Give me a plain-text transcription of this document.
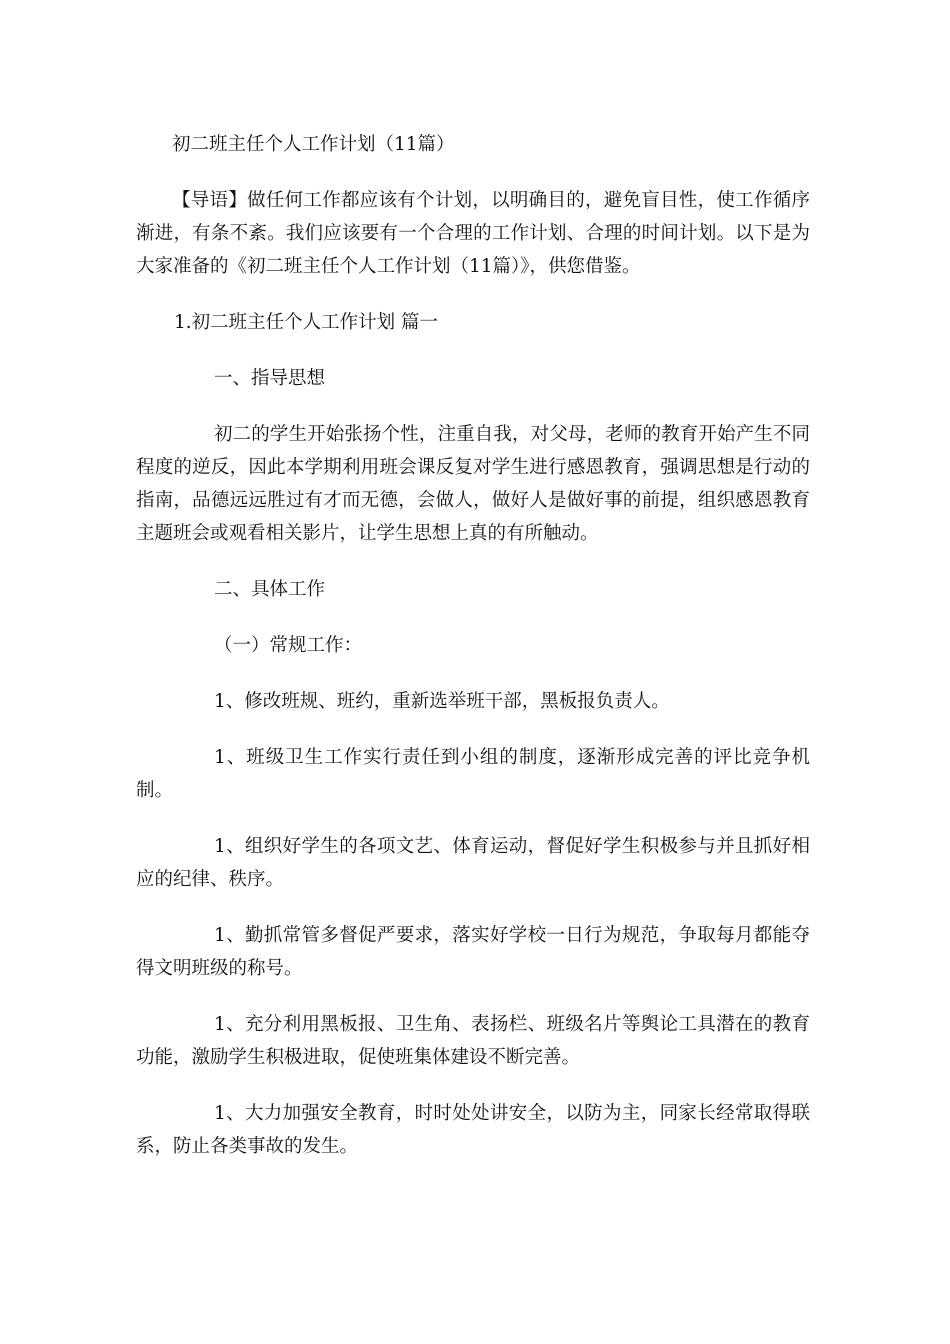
初二班主任个人工作计划（11篇）

【导语】做任何工作都应该有个计划，以明确目的，避免盲目性，使工作循序渐进，有条不紊。我们应该要有一个合理的工作计划、合理的时间计划。以下是为大家准备的《初二班主任个人工作计划（11篇）》，供您借鉴。

1.初二班主任个人工作计划 篇一

一、指导思想

初二的学生开始张扬个性，注重自我，对父母，老师的教育开始产生不同程度的逆反，因此本学期利用班会课反复对学生进行感恩教育，强调思想是行动的指南，品德远远胜过有才而无德，会做人，做好人是做好事的前提，组织感恩教育主题班会或观看相关影片，让学生思想上真的有所触动。

二、具体工作

（一）常规工作：

1、修改班规、班约，重新选举班干部，黑板报负责人。

1、班级卫生工作实行责任到小组的制度，逐渐形成完善的评比竞争机制。

1、组织好学生的各项文艺、体育运动，督促好学生积极参与并且抓好相应的纪律、秩序。

1、勤抓常管多督促严要求，落实好学校一日行为规范，争取每月都能夺得文明班级的称号。

1、充分利用黑板报、卫生角、表扬栏、班级名片等舆论工具潜在的教育功能，激励学生积极进取，促使班集体建设不断完善。

1、大力加强安全教育，时时处处讲安全，以防为主，同家长经常取得联系，防止各类事故的发生。
